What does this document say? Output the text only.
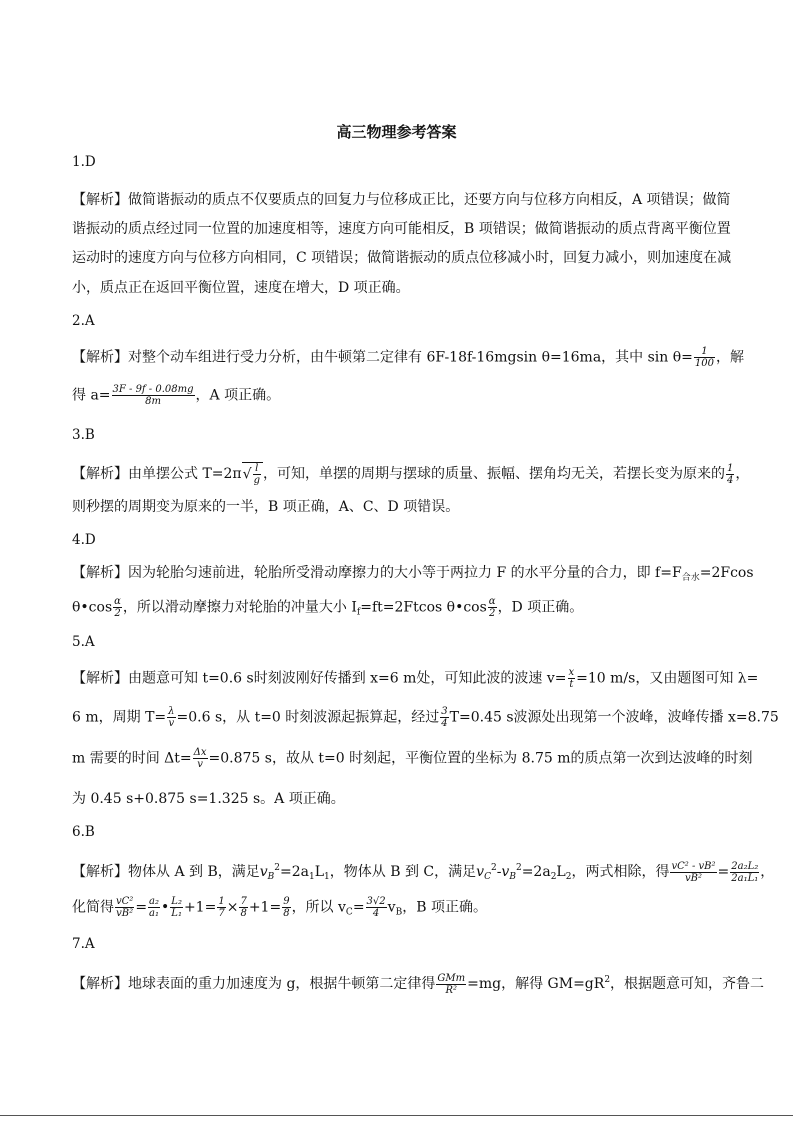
高三物理参考答案
1.D
【解析】做简谐振动的质点不仅要质点的回复力与位移成正比，还要方向与位移方向相反，A 项错误；做简
谐振动的质点经过同一位置的加速度相等，速度方向可能相反，B 项错误；做简谐振动的质点背离平衡位置
运动时的速度方向与位移方向相同，C 项错误；做简谐振动的质点位移减小时，回复力减小，则加速度在减
小，质点正在返回平衡位置，速度在增大，D 项正确。
2.A
【解析】对整个动车组进行受力分析，由牛顿第二定律有 6F-18f-16mgsin θ=16ma，其中 $\sin \theta= \frac{1}{100}$ ，解
得 $a= \frac{3F - 9f - 0.08mg}{8m}$ ，A 项正确。
3.B
【解析】由单摆公式 $T=2\pi√ \frac{l}{g}$ ，可知，单摆的周期与摆球的质量、振幅、摆角均无关，若摆长变为原来的 $\frac{1}{4}$ ，
则秒摆的周期变为原来的一半，B 项正确，A、C、D 项错误。
4.D
【解析】因为轮胎匀速前进，轮胎所受滑动摩擦力的大小等于两拉力 F 的水平分量的合力，即 $f=F_{合水}=2Fcos$
θ•cos $\frac{\alpha}{2}$ ，所以滑动摩擦力对轮胎的冲量大小 $I_f=ft=2Ftcos$ θ•cos $\frac{\alpha}{2}$ ，D 项正确。
5.A
【解析】由题意可知 t=0.6 s时刻波刚好传播到 x=6 m处，可知此波的波速 $v= \frac{x}{t} =10$ m/s，又由题图可知 λ=
6 m，周期 $T= \frac{\lambda}{v} =0.6$ s，从 t=0 时刻波源起振算起，经过 $\frac{3}{4} T=0.45$ s波源处出现第一个波峰，波峰传播 x=8.75
m 需要的时间 $\Delta t= \frac{\Delta x}{v} =0.875$ s，故从 t=0 时刻起，平衡位置的坐标为 8.75 m的质点第一次到达波峰的时刻
为 0.45 s+0.875 s=1.325 s。A 项正确。
6.B
【解析】物体从 A 到 B，满足$v_B^2=2a_1L_1$，物体从 B 到 C，满足$v_C^2-v_B^2=2a_2L_2$，两式相除，得 $\frac{\text{vC² - vB²}}{\text{vB²}} = \frac{\text{2a₂L₂}}{\text{2a₁L₁}}$ ，
化简得 $\frac{\text{vC²}}{\text{vB²}} = \frac{\text{a₂}}{\text{a₁}}$ • $\frac{\text{L₂}}{\text{L₁}} +1= \frac{1}{7} \times \frac{7}{8} +1= \frac{9}{8}$ ，所以 $v_C= \frac{3√2}{4} v_B$，B 项正确。
7.A
【解析】地球表面的重力加速度为 g，根据牛顿第二定律得 $\frac{\text{GMm}}{\text{R²}} =mg$，解得 $GM=gR^2$，根据题意可知，齐鲁二
